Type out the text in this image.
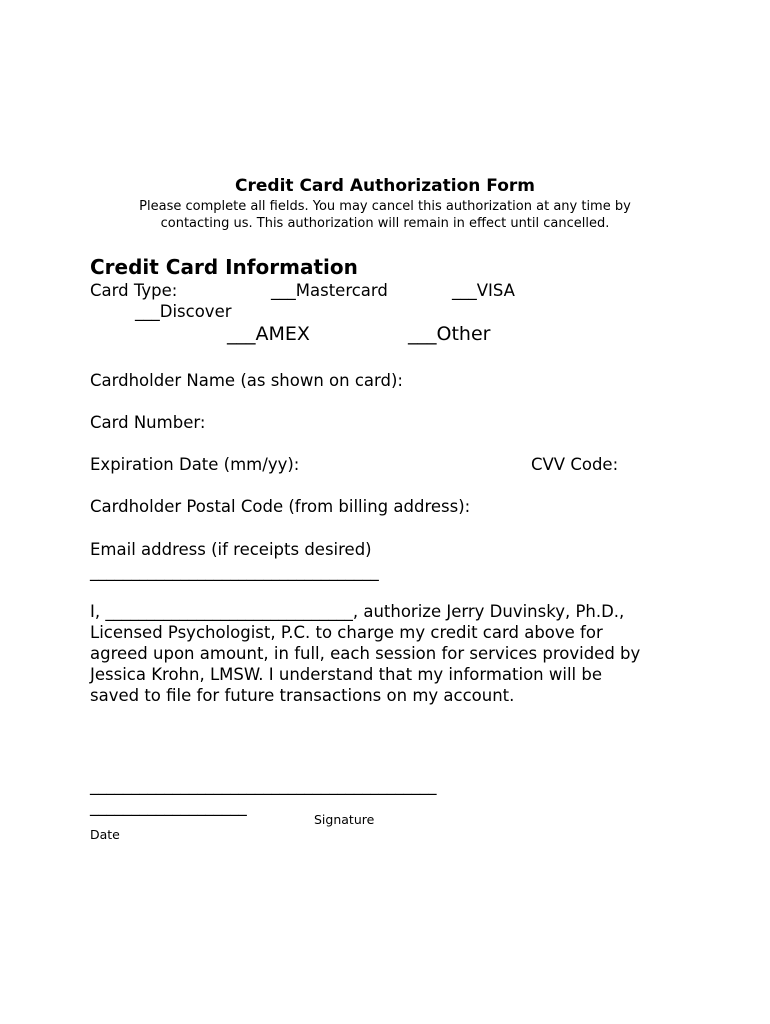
Credit Card Authorization Form
Please complete all fields. You may cancel this authorization at any time by
contacting us. This authorization will remain in effect until cancelled.
Credit Card Information
Card Type:	___Mastercard	___VISA
___Discover
___AMEX	___Other
Cardholder Name (as shown on card):
Card Number:
Expiration Date (mm/yy):	CVV Code:
Cardholder Postal Code (from billing address):
Email address (if receipts desired)
___________________________________
I, ______________________________, authorize Jerry Duvinsky, Ph.D.,
Licensed Psychologist, P.C. to charge my credit card above for
agreed upon amount, in full, each session for services provided by
Jessica Krohn, LMSW. I understand that my information will be
saved to file for future transactions on my account.
__________________________________________
___________________
Signature
Date
